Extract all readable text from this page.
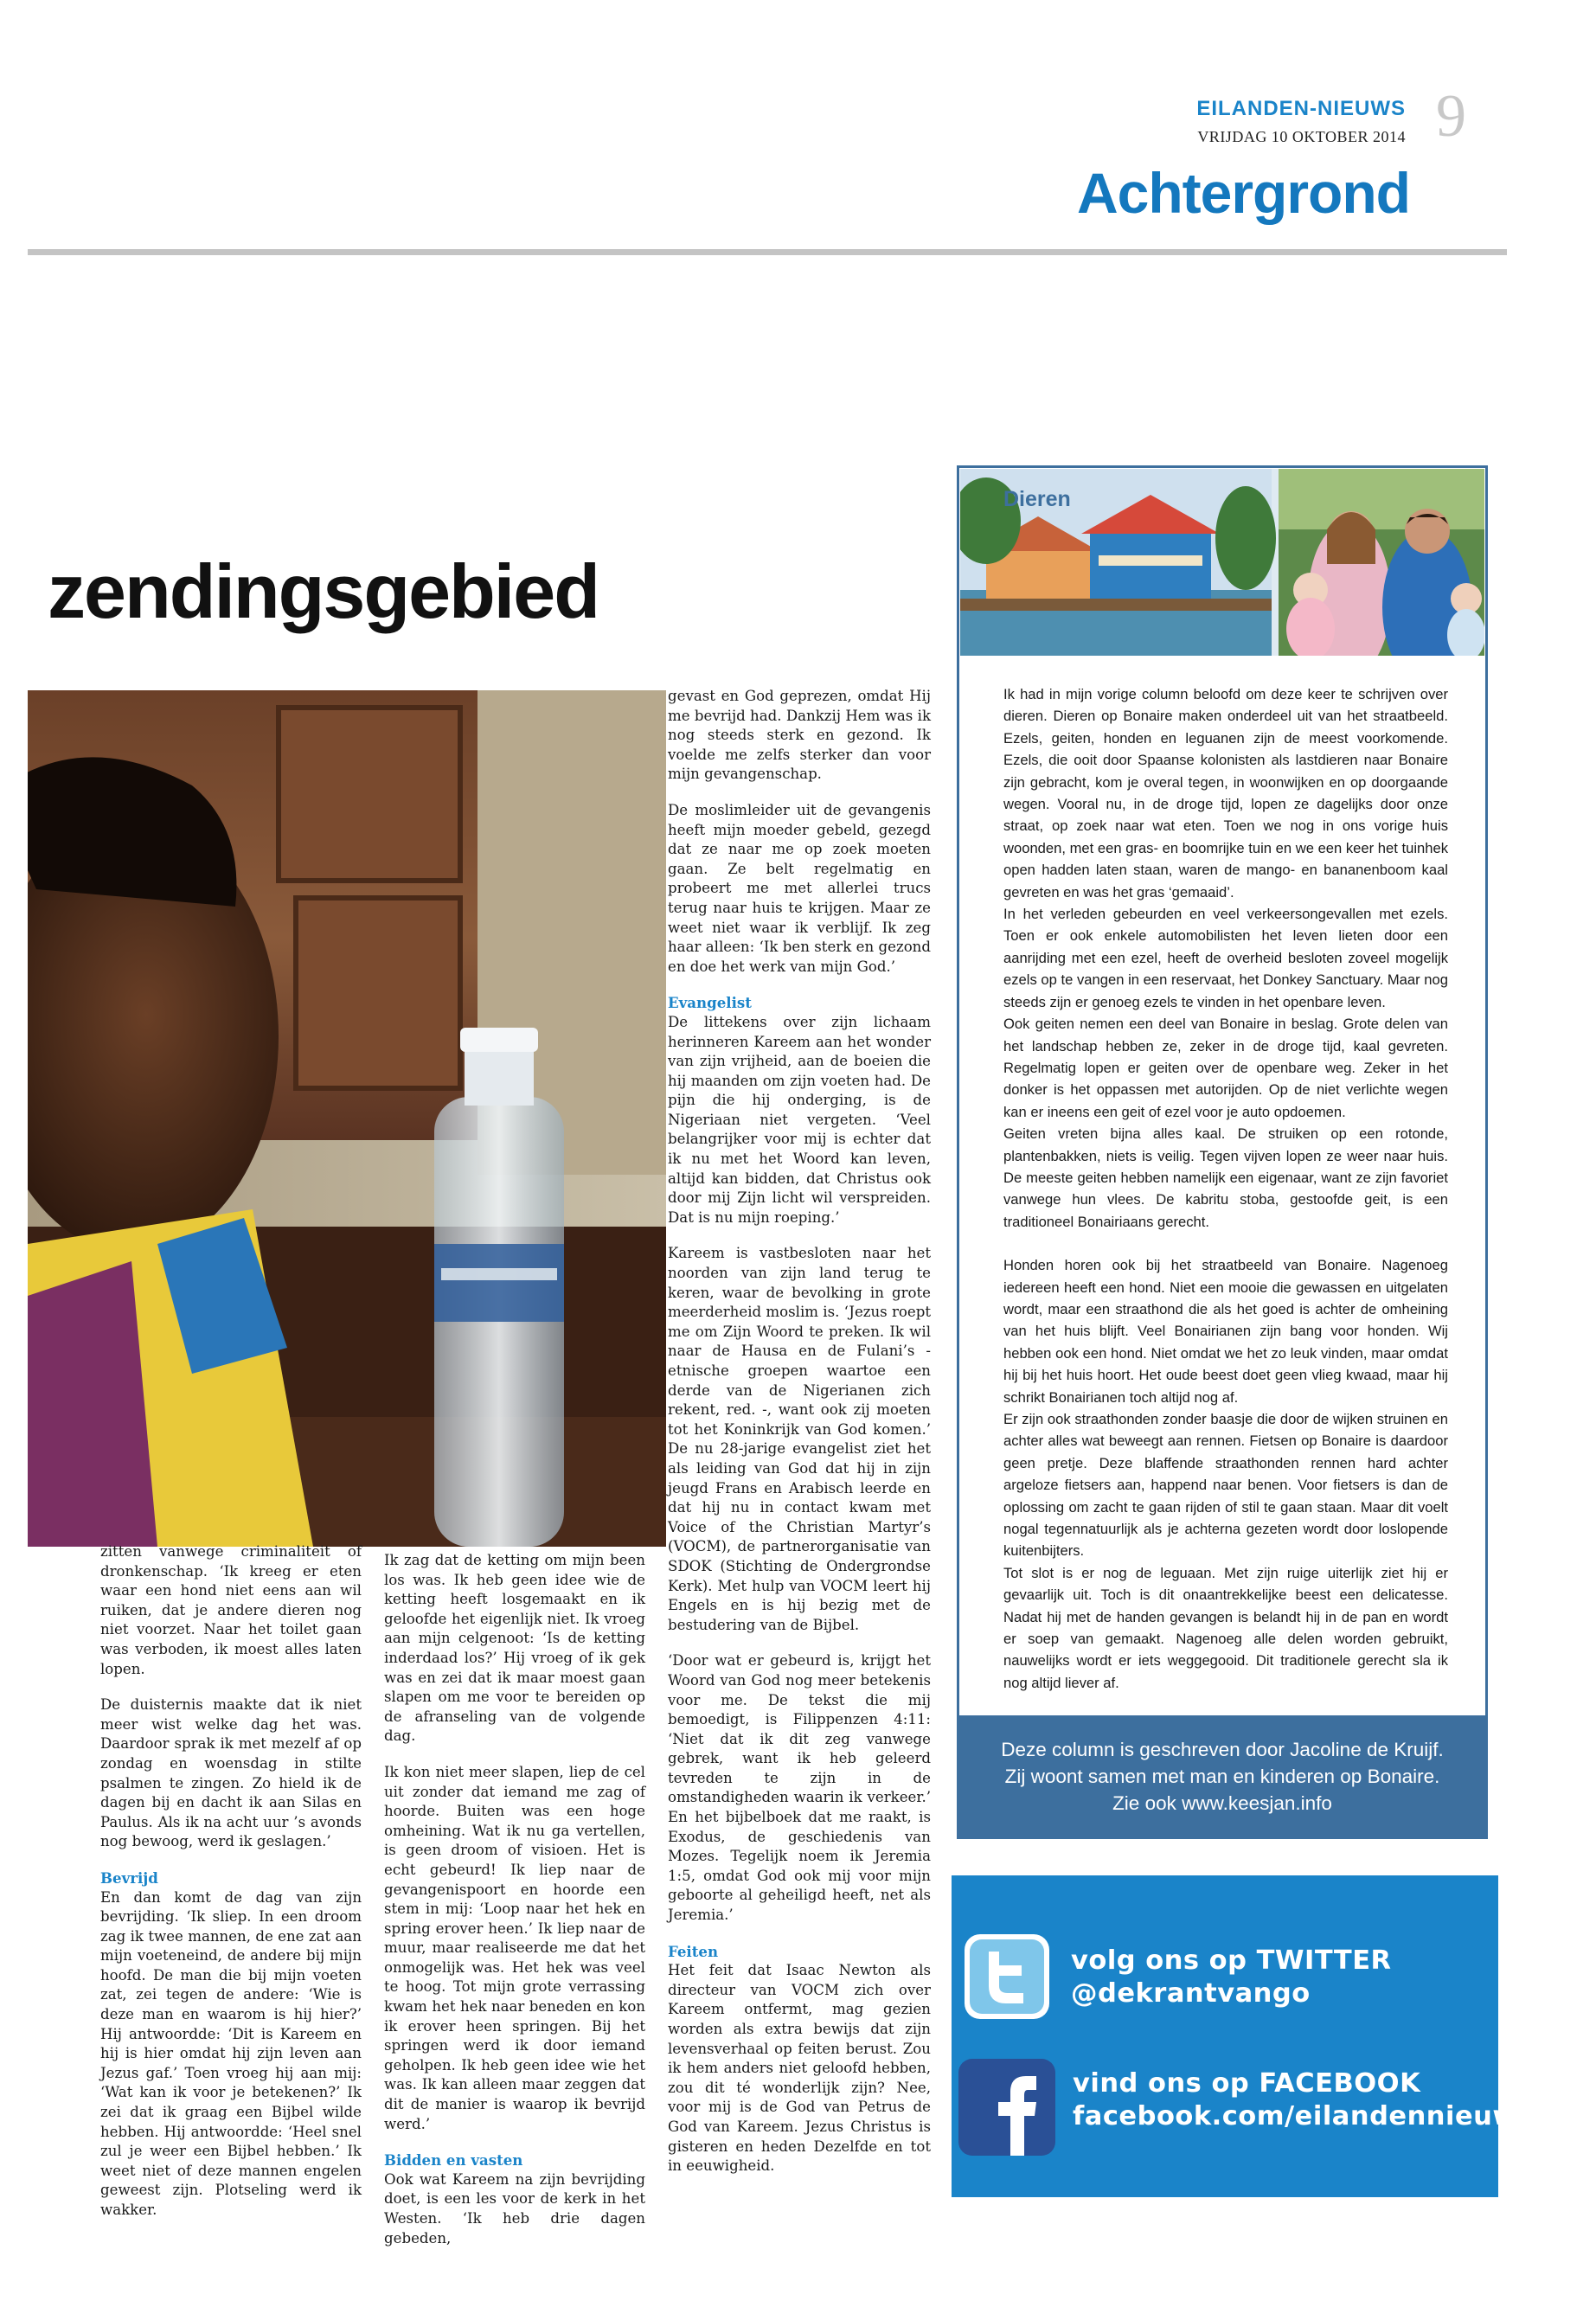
EILANDEN-NIEUWS
VRIJDAG 10 OKTOBER 2014 9
Achtergrond
zendingsgebied

zitten vanwege criminaliteit of dronkenschap. ‘Ik kreeg er eten waar een hond niet eens aan wil ruiken, dat je andere dieren nog niet voorzet. Naar het toilet gaan was verboden, ik moest alles laten lopen.

De duisternis maakte dat ik niet meer wist welke dag het was. Daardoor sprak ik met mezelf af op zondag en woensdag in stilte psalmen te zingen. Zo hield ik de dagen bij en dacht ik aan Silas en Paulus. Als ik na acht uur ’s avonds nog bewoog, werd ik geslagen.’

Bevrijd

En dan komt de dag van zijn bevrijding. ‘Ik sliep. In een droom zag ik twee mannen, de ene zat aan mijn voeteneind, de andere bij mijn hoofd. De man die bij mijn voeten zat, zei tegen de andere: ‘Wie is deze man en waarom is hij hier?’ Hij antwoordde: ‘Dit is Kareem en hij is hier omdat hij zijn leven aan Jezus gaf.’ Toen vroeg hij aan mij: ‘Wat kan ik voor je betekenen?’ Ik zei dat ik graag een Bijbel wilde hebben. Hij antwoordde: ‘Heel snel zul je weer een Bijbel hebben.’ Ik weet niet of deze mannen engelen geweest zijn. Plotseling werd ik wakker.

Ik zag dat de ketting om mijn been los was. Ik heb geen idee wie de ketting heeft losgemaakt en ik geloofde het eigenlijk niet. Ik vroeg aan mijn celgenoot: ‘Is de ketting inderdaad los?’ Hij vroeg of ik gek was en zei dat ik maar moest gaan slapen om me voor te bereiden op de afranseling van de volgende dag.

Ik kon niet meer slapen, liep de cel uit zonder dat iemand me zag of hoorde. Buiten was een hoge omheining. Wat ik nu ga vertellen, is geen droom of visioen. Het is echt gebeurd! Ik liep naar de gevangenispoort en hoorde een stem in mij: ‘Loop naar het hek en spring erover heen.’ Ik liep naar de muur, maar realiseerde me dat het onmogelijk was. Het hek was veel te hoog. Tot mijn grote verrassing kwam het hek naar beneden en kon ik erover heen springen. Bij het springen werd ik door iemand geholpen. Ik heb geen idee wie het was. Ik kan alleen maar zeggen dat dit de manier is waarop ik bevrijd werd.’

Bidden en vasten

Ook wat Kareem na zijn bevrijding doet, is een les voor de kerk in het Westen. ‘Ik heb drie dagen gebeden,

gevast en God geprezen, omdat Hij me bevrijd had. Dankzij Hem was ik nog steeds sterk en gezond. Ik voelde me zelfs sterker dan voor mijn gevangenschap.

De moslimleider uit de gevangenis heeft mijn moeder gebeld, gezegd dat ze naar me op zoek moeten gaan. Ze belt regelmatig en probeert me met allerlei trucs terug naar huis te krijgen. Maar ze weet niet waar ik verblijf. Ik zeg haar alleen: ‘Ik ben sterk en gezond en doe het werk van mijn God.’

Evangelist

De littekens over zijn lichaam herinneren Kareem aan het wonder van zijn vrijheid, aan de boeien die hij maanden om zijn voeten had. De pijn die hij onderging, is de Nigeriaan niet vergeten. ‘Veel belangrijker voor mij is echter dat ik nu met het Woord kan leven, altijd kan bidden, dat Christus ook door mij Zijn licht wil verspreiden. Dat is nu mijn roeping.’

Kareem is vastbesloten naar het noorden van zijn land terug te keren, waar de bevolking in grote meerderheid moslim is. ‘Jezus roept me om Zijn Woord te preken. Ik wil naar de Hausa en de Fulani’s - etnische groepen waartoe een derde van de Nigerianen zich rekent, red. -, want ook zij moeten tot het Koninkrijk van God komen.’ De nu 28-jarige evangelist ziet het als leiding van God dat hij in zijn jeugd Frans en Arabisch leerde en dat hij nu in contact kwam met Voice of the Christian Martyr’s (VOCM), de partnerorganisatie van SDOK (Stichting de Ondergrondse Kerk). Met hulp van VOCM leert hij Engels en is hij bezig met de bestudering van de Bijbel.

‘Door wat er gebeurd is, krijgt het Woord van God nog meer betekenis voor me. De tekst die mij bemoedigt, is Filippenzen 4:11: ‘Niet dat ik dit zeg vanwege gebrek, want ik heb geleerd tevreden te zijn in de omstandigheden waarin ik verkeer.’ En het bijbelboek dat me raakt, is Exodus, de geschiedenis van Mozes. Tegelijk noem ik Jeremia 1:5, omdat God ook mij voor mijn geboorte al geheiligd heeft, net als Jeremia.’

Feiten

Het feit dat Isaac Newton als directeur van VOCM zich over Kareem ontfermt, mag gezien worden als extra bewijs dat zijn levensverhaal op feiten berust. Zou ik hem anders niet geloofd hebben, zou dit té wonderlijk zijn? Nee, voor mij is de God van Petrus de God van Kareem. Jezus Christus is gisteren en heden Dezelfde en tot in eeuwigheid.

Dieren

Ik had in mijn vorige column beloofd om deze keer te schrijven over dieren. Dieren op Bonaire maken onderdeel uit van het straatbeeld. Ezels, geiten, honden en leguanen zijn de meest voorkomende. Ezels, die ooit door Spaanse kolonisten als lastdieren naar Bonaire zijn gebracht, kom je overal tegen, in woonwijken en op doorgaande wegen. Vooral nu, in de droge tijd, lopen ze dagelijks door onze straat, op zoek naar wat eten. Toen we nog in ons vorige huis woonden, met een gras- en boomrijke tuin en we een keer het tuinhek open hadden laten staan, waren de mango- en bananenboom kaal gevreten en was het gras ‘gemaaid’.

In het verleden gebeurden en veel verkeersongevallen met ezels. Toen er ook enkele automobilisten het leven lieten door een aanrijding met een ezel, heeft de overheid besloten zoveel mogelijk ezels op te vangen in een reservaat, het Donkey Sanctuary. Maar nog steeds zijn er genoeg ezels te vinden in het openbare leven.

Ook geiten nemen een deel van Bonaire in beslag. Grote delen van het landschap hebben ze, zeker in de droge tijd, kaal gevreten. Regelmatig lopen er geiten over de openbare weg. Zeker in het donker is het oppassen met autorijden. Op de niet verlichte wegen kan er ineens een geit of ezel voor je auto opdoemen.

Geiten vreten bijna alles kaal. De struiken op een rotonde, plantenbakken, niets is veilig. Tegen vijven lopen ze weer naar huis. De meeste geiten hebben namelijk een eigenaar, want ze zijn favoriet vanwege hun vlees. De kabritu stoba, gestoofde geit, is een traditioneel Bonairiaans gerecht.

Honden horen ook bij het straatbeeld van Bonaire. Nagenoeg iedereen heeft een hond. Niet een mooie die gewassen en uitgelaten wordt, maar een straathond die als het goed is achter de omheining van het huis blijft. Veel Bonairianen zijn bang voor honden. Wij hebben ook een hond. Niet omdat we het zo leuk vinden, maar omdat hij bij het huis hoort. Het oude beest doet geen vlieg kwaad, maar hij schrikt Bonairianen toch altijd nog af.

Er zijn ook straathonden zonder baasje die door de wijken struinen en achter alles wat beweegt aan rennen. Fietsen op Bonaire is daardoor geen pretje. Deze blaffende straathonden rennen hard achter argeloze fietsers aan, happend naar benen. Voor fietsers is dan de oplossing om zacht te gaan rijden of stil te gaan staan. Maar dit voelt nogal tegennatuurlijk als je achterna gezeten wordt door loslopende kuitenbijters.

Tot slot is er nog de leguaan. Met zijn ruige uiterlijk ziet hij er gevaarlijk uit. Toch is dit onaantrekkelijke beest een delicatesse. Nadat hij met de handen gevangen is belandt hij in de pan en wordt er soep van gemaakt. Nagenoeg alle delen worden gebruikt, nauwelijks wordt er iets weggegooid. Dit traditionele gerecht sla ik nog altijd liever af.

Deze column is geschreven door Jacoline de Kruijf.
Zij woont samen met man en kinderen op Bonaire.
Zie ook www.keesjan.info
volg ons op TWITTER
@dekrantvango
vind ons op FACEBOOK
facebook.com/eilandennieuws
